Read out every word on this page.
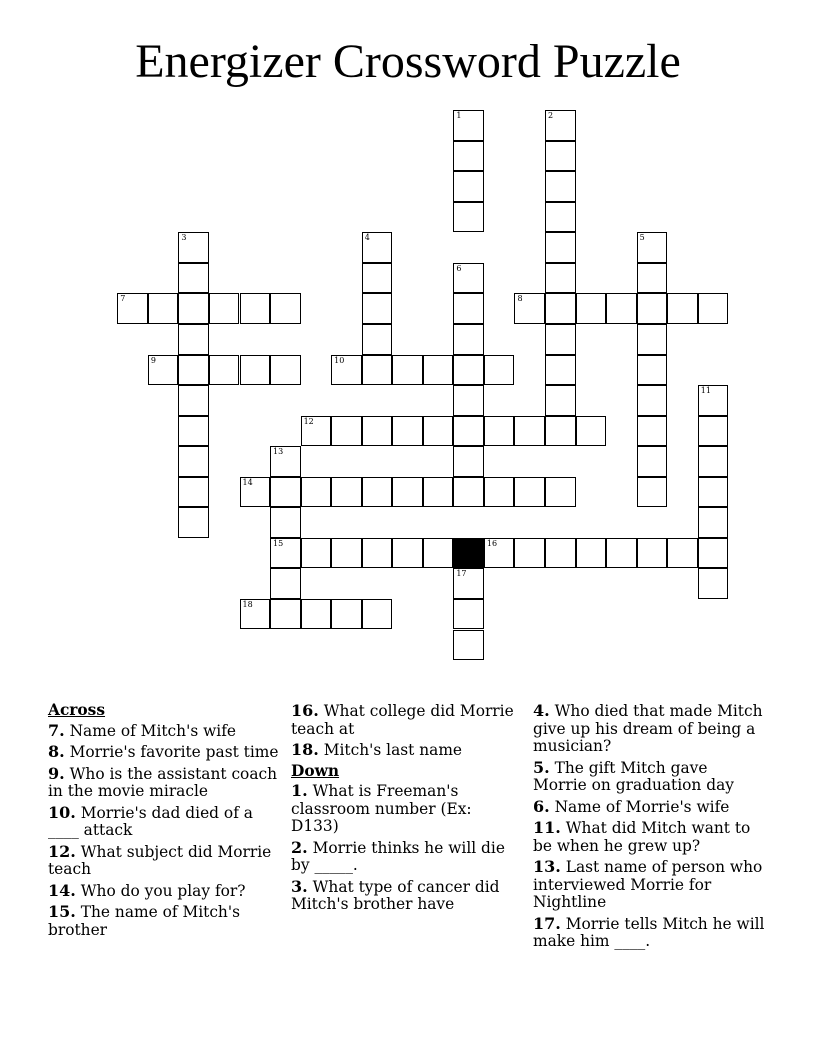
Energizer Crossword Puzzle
1	2
3	4	5
6
7	8
9	10
11
12
13
14
15	16
17
18
Across
7. Name of Mitch's wife
8. Morrie's favorite past time
9. Who is the assistant coach in the movie miracle
10. Morrie's dad died of a ____ attack
12. What subject did Morrie teach
14. Who do you play for?
15. The name of Mitch's brother
16. What college did Morrie teach at
18. Mitch's last name
Down
1. What is Freeman's classroom number (Ex: D133)
2. Morrie thinks he will die by _____.
3. What type of cancer did Mitch's brother have
4. Who died that made Mitch give up his dream of being a musician?
5. The gift Mitch gave Morrie on graduation day
6. Name of Morrie's wife
11. What did Mitch want to be when he grew up?
13. Last name of person who interviewed Morrie for Nightline
17. Morrie tells Mitch he will make him ____.
